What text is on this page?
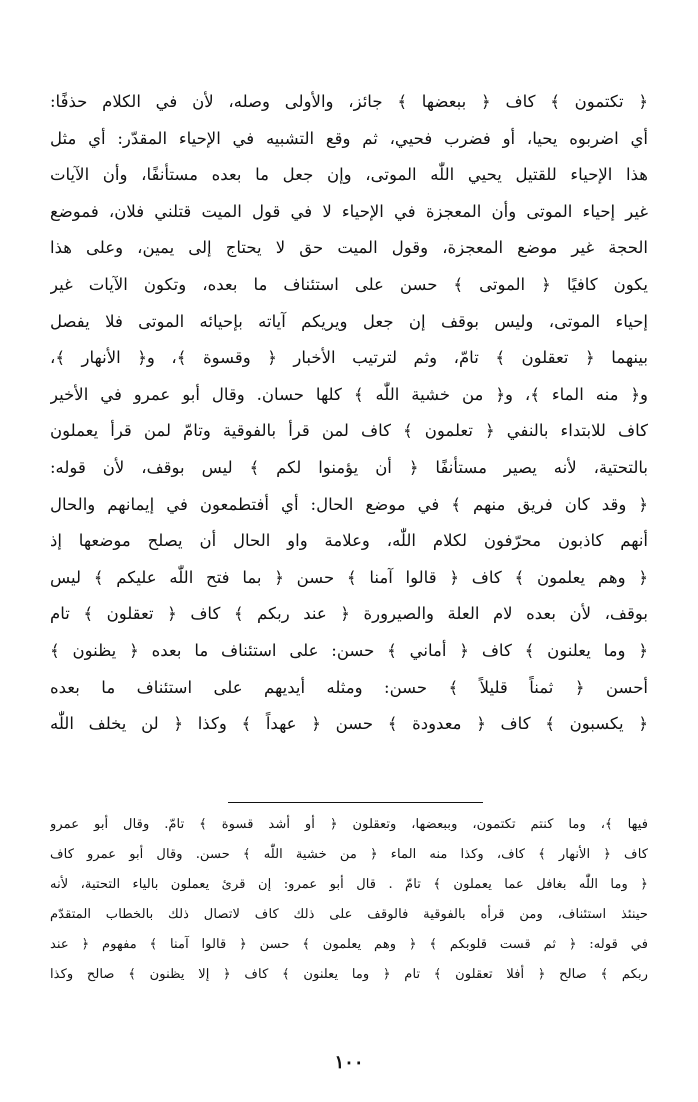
﴿ تكتمون ﴾ كاف ﴿ ببعضها ﴾ جائز، والأولى وصله، لأن في الكلام حذفًا:
أي اضربوه يحيا، أو فضرب فحيي، ثم وقع التشبيه في الإحياء المقدّر: أي مثل
هذا الإحياء للقتيل يحيي اللّٰه الموتى، وإن جعل ما بعده مستأنفًا، وأن الآيات
غير إحياء الموتى وأن المعجزة في الإحياء لا في قول الميت قتلني فلان، فموضع
الحجة غير موضع المعجزة، وقول الميت حق لا يحتاج إلى يمين، وعلى هذا
يكون كافيًا ﴿ الموتى ﴾ حسن على استئناف ما بعده، وتكون الآيات غير
إحياء الموتى، وليس بوقف إن جعل ويريكم آياته بإحيائه الموتى فلا يفصل
بينهما ﴿ تعقلون ﴾ تامّ، وثم لترتيب الأخبار ﴿ وقسوة ﴾، و﴿ الأنهار ﴾،
و﴿ منه الماء ﴾، و﴿ من خشية اللّٰه ﴾ كلها حسان. وقال أبو عمرو في الأخير
كاف للابتداء بالنفي ﴿ تعلمون ﴾ كاف لمن قرأ بالفوقية وتامّ لمن قرأ يعملون
بالتحتية، لأنه يصير مستأنفًا ﴿ أن يؤمنوا لكم ﴾ ليس بوقف، لأن قوله:
﴿ وقد كان فريق منهم ﴾ في موضع الحال: أي أفتطمعون في إيمانهم والحال
أنهم كاذبون محرّفون لكلام اللّٰه، وعلامة واو الحال أن يصلح موضعها إذ
﴿ وهم يعلمون ﴾ كاف ﴿ قالوا آمنا ﴾ حسن ﴿ بما فتح اللّٰه عليكم ﴾ ليس
بوقف، لأن بعده لام العلة والصيرورة ﴿ عند ربكم ﴾ كاف ﴿ تعقلون ﴾ تام
﴿ وما يعلنون ﴾ كاف ﴿ أماني ﴾ حسن: على استئناف ما بعده ﴿ يظنون ﴾
أحسن ﴿ ثمناً قليلاً ﴾ حسن: ومثله أيديهم على استئناف ما بعده
﴿ يكسبون ﴾ كاف ﴿ معدودة ﴾ حسن ﴿ عهداً ﴾ وكذا ﴿ لن يخلف اللّٰه
فيها ﴾، وما كنتم تكتمون، وببعضها، وتعقلون ﴿ أو أشد قسوة ﴾ تامّ. وقال أبو عمرو
كاف ﴿ الأنهار ﴾ كاف، وكذا منه الماء ﴿ من خشية اللّٰه ﴾ حسن. وقال أبو عمرو كاف
﴿ وما اللّٰه بغافل عما يعملون ﴾ تامّ . قال أبو عمرو: إن قرئ يعملون بالياء التحتية، لأنه
حينئذ استئناف، ومن قرأه بالفوقية فالوقف على ذلك كاف لاتصال ذلك بالخطاب المتقدّم
في قوله: ﴿ ثم قست قلوبكم ﴾ ﴿ وهم يعلمون ﴾ حسن ﴿ قالوا آمنا ﴾ مفهوم ﴿ عند
ربكم ﴾ صالح ﴿ أفلا تعقلون ﴾ تام ﴿ وما يعلنون ﴾ كاف ﴿ إلا يظنون ﴾ صالح وكذا
١٠٠
